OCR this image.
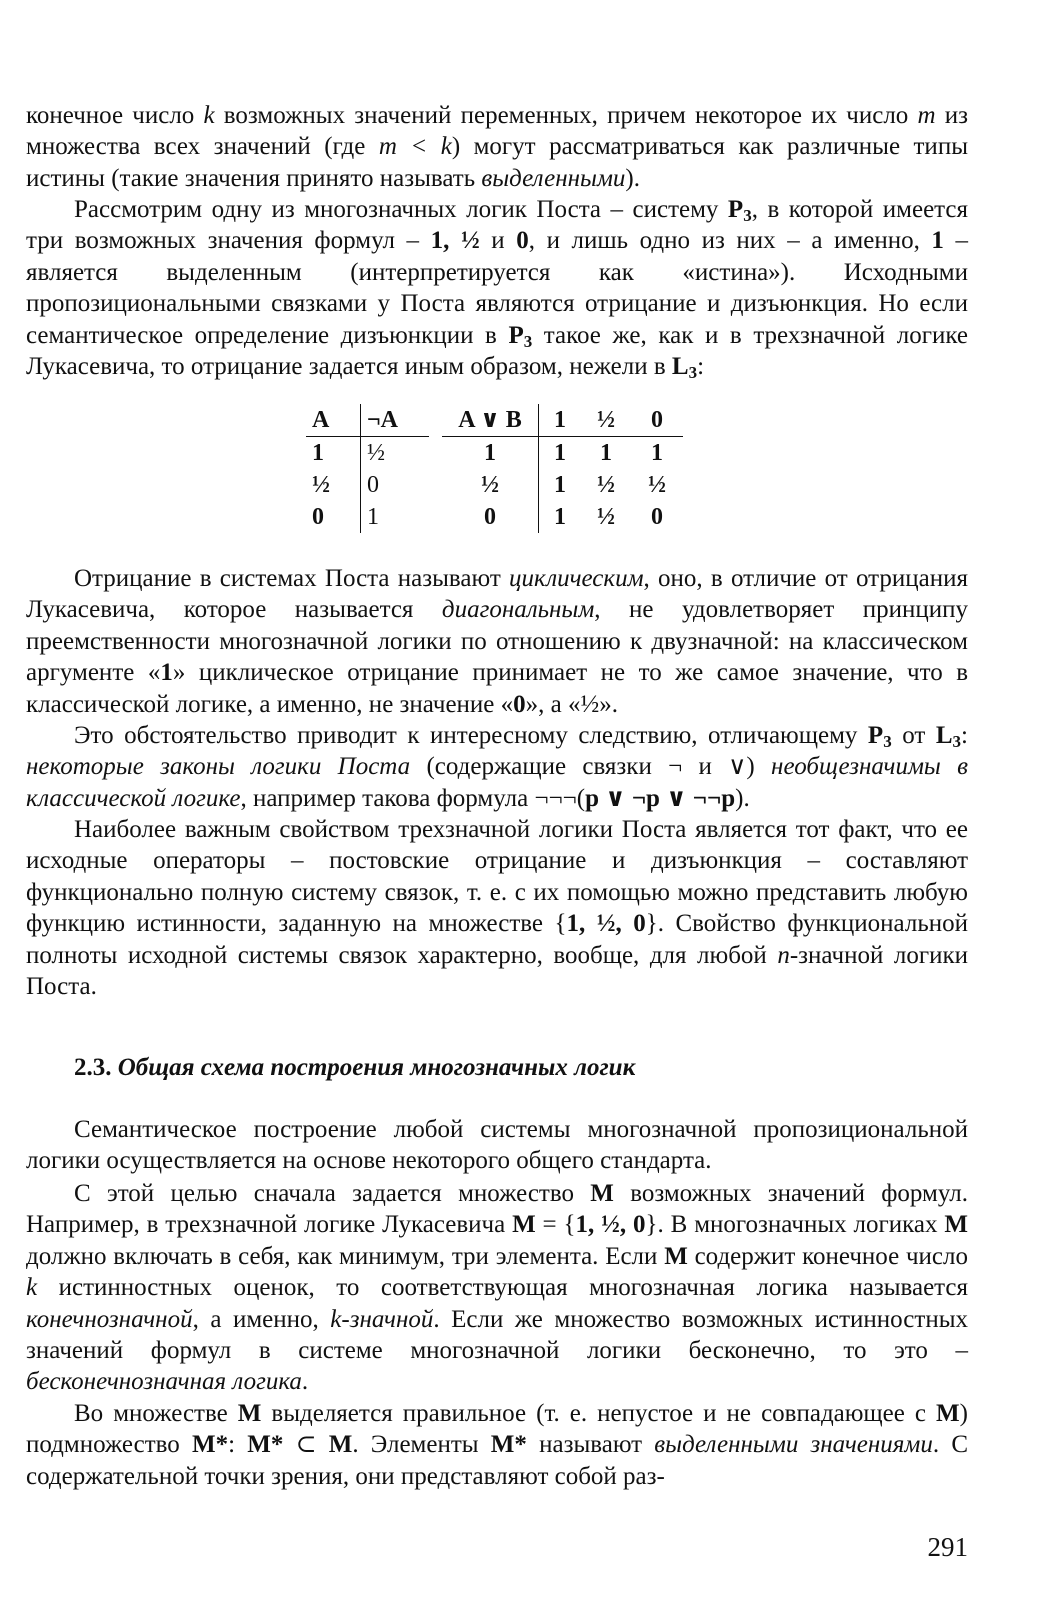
конечное число k возможных значений переменных, причем некоторое их число m из множества всех значений (где m < k) могут рассматриваться как различные типы истины (такие значения принято называть выделенными).

Рассмотрим одну из многозначных логик Поста – систему $P_3$, в которой имеется три возможных значения формул – 1, ½ и 0, и лишь одно из них – а именно, 1 – является выделенным (интерпретируется как «истина»). Исходными пропозициональными связками у Поста являются отрицание и дизъюнкция. Но если семантическое определение дизъюнкции в $P_3$ такое же, как и в трехзначной логике Лукасевича, то отрицание задается иным образом, нежели в $L_3$:

A	¬A
1	½
½	0
0	1
A ∨ B	1	½	0
1	1	1	1
½	1	½	½
0	1	½	0

Отрицание в системах Поста называют циклическим, оно, в отличие от отрицания Лукасевича, которое называется диагональным, не удовлетворяет принципу преемственности многозначной логики по отношению к двузначной: на классическом аргументе «1» циклическое отрицание принимает не то же самое значение, что в классической логике, а именно, не значение «0», а «½».

Это обстоятельство приводит к интересному следствию, отличающему $P_3$ от $L_3$: некоторые законы логики Поста (содержащие связки ¬ и ∨) необщезначимы в классической логике, например такова формула ¬¬¬(p ∨ ¬p ∨ ¬¬p).

Наиболее важным свойством трехзначной логики Поста является тот факт, что ее исходные операторы – постовские отрицание и дизъюнкция – составляют функционально полную систему связок, т. е. с их помощью можно представить любую функцию истинности, заданную на множестве {1, ½, 0}. Свойство функциональной полноты исходной системы связок характерно, вообще, для любой n-значной логики Поста.

2.3. Общая схема построения многозначных логик

Семантическое построение любой системы многозначной пропозициональной логики осуществляется на основе некоторого общего стандарта.

С этой целью сначала задается множество M возможных значений формул. Например, в трехзначной логике Лукасевича M = {1, ½, 0}. В многозначных логиках M должно включать в себя, как минимум, три элемента. Если M содержит конечное число k истинностных оценок, то соответствующая многозначная логика называется конечнозначной, а именно, k-значной. Если же множество возможных истинностных значений формул в системе многозначной логики бесконечно, то это – бесконечнозначная логика.

Во множестве M выделяется правильное (т. е. непустое и не совпадающее с M) подмножество M*: M* ⊂ M. Элементы M* называют выделенными значениями. С содержательной точки зрения, они представляют собой раз-

291
